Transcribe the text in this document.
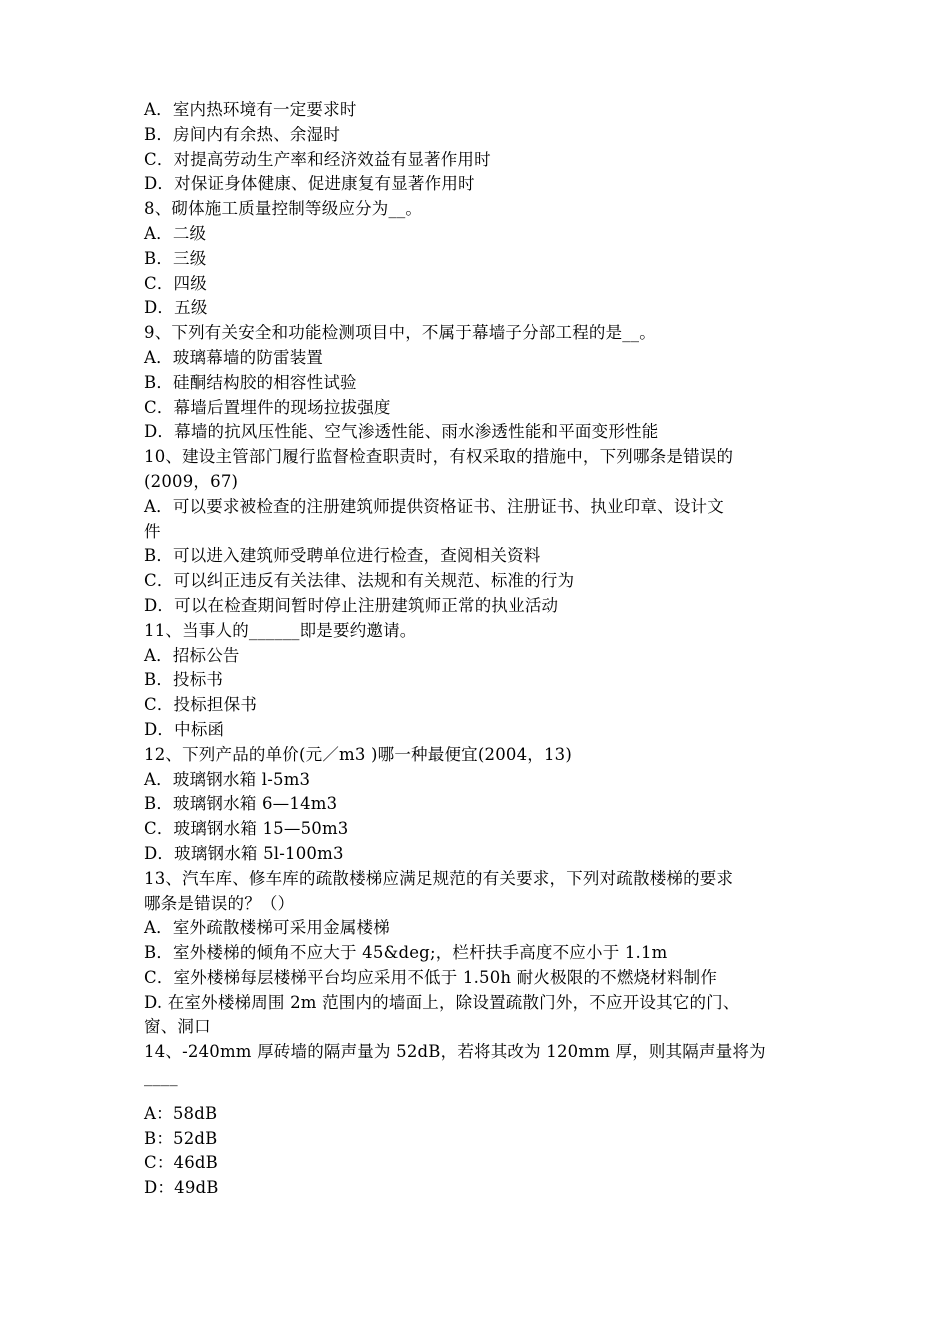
A．室内热环境有一定要求时
B．房间内有余热、余湿时
C．对提高劳动生产率和经济效益有显著作用时
D．对保证身体健康、促进康复有显著作用时
8、砌体施工质量控制等级应分为__。
A．二级
B．三级
C．四级
D．五级
9、下列有关安全和功能检测项目中，不属于幕墙子分部工程的是__。
A．玻璃幕墙的防雷装置
B．硅酮结构胶的相容性试验
C．幕墙后置埋件的现场拉拔强度
D．幕墙的抗风压性能、空气渗透性能、雨水渗透性能和平面变形性能
10、建设主管部门履行监督检查职责时，有权采取的措施中，下列哪条是错误的
(2009，67)
A．可以要求被检查的注册建筑师提供资格证书、注册证书、执业印章、设计文
件
B．可以进入建筑师受聘单位进行检查，查阅相关资料
C．可以纠正违反有关法律、法规和有关规范、标准的行为
D．可以在检查期间暂时停止注册建筑师正常的执业活动
11、当事人的______即是要约邀请。
A．招标公告
B．投标书
C．投标担保书
D．中标函
12、下列产品的单价(元／m3 )哪一种最便宜(2004，13)
A．玻璃钢水箱 l-5m3
B．玻璃钢水箱 6—14m3
C．玻璃钢水箱 15—50m3
D．玻璃钢水箱 5l-100m3
13、汽车库、修车库的疏散楼梯应满足规范的有关要求，下列对疏散楼梯的要求
哪条是错误的？（）
A．室外疏散楼梯可采用金属楼梯
B．室外楼梯的倾角不应大于 45&deg;，栏杆扶手高度不应小于 1.1m
C．室外楼梯每层楼梯平台均应采用不低于 1.50h 耐火极限的不燃烧材料制作
D. 在室外楼梯周围 2m 范围内的墙面上，除设置疏散门外，不应开设其它的门、
窗、洞口
14、-240mm 厚砖墙的隔声量为 52dB，若将其改为 120mm 厚，则其隔声量将为
____
A：58dB
B：52dB
C：46dB
D：49dB
